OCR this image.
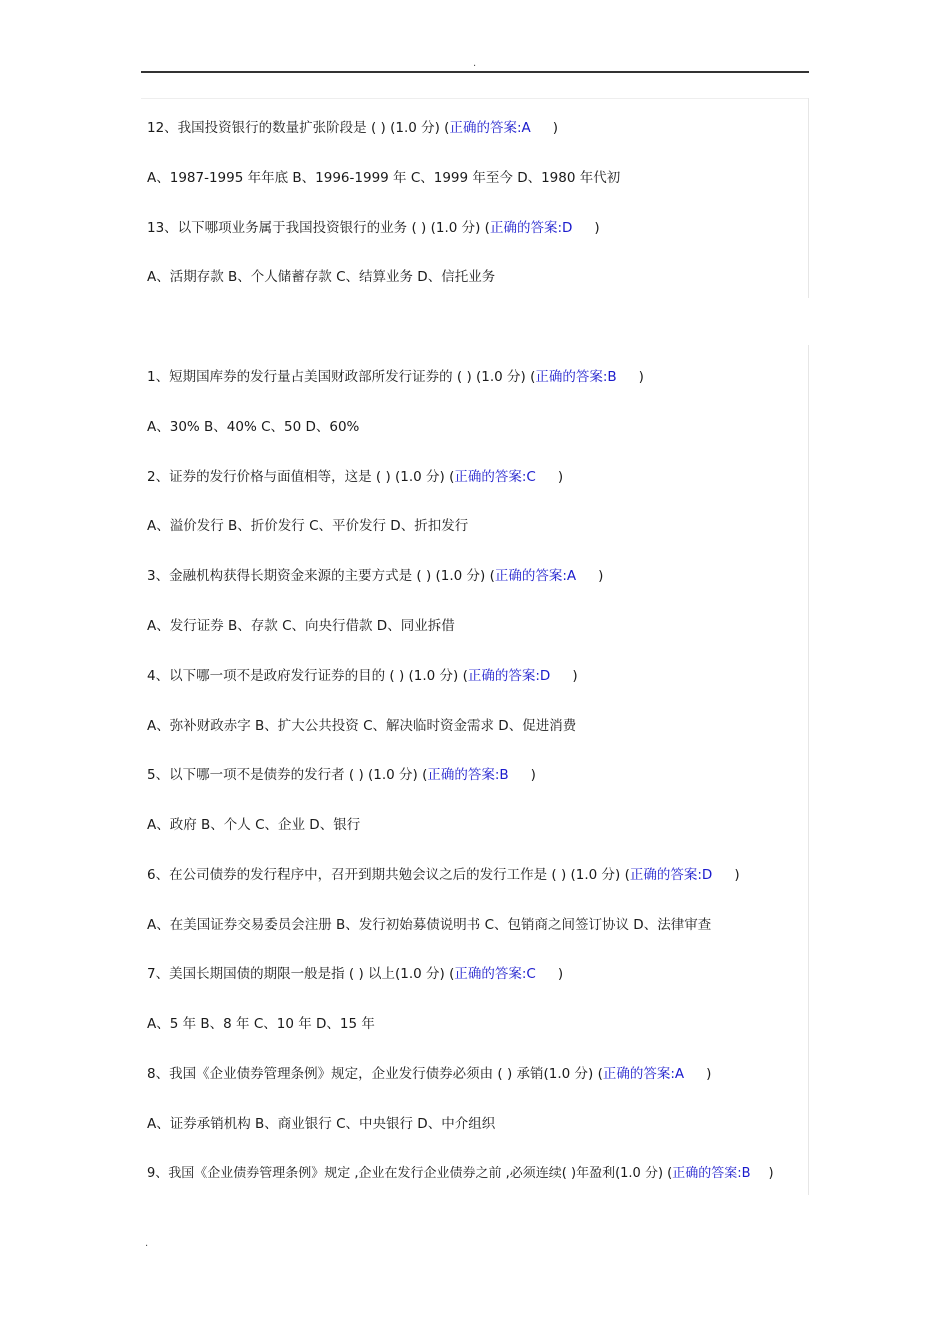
.
12、我国投资银行的数量扩张阶段是 ( ) (1.0 分) (正确的答案:A )
A、1987-1995 年年底 B、1996-1999 年 C、1999 年至今 D、1980 年代初
13、以下哪项业务属于我国投资银行的业务 ( ) (1.0 分) (正确的答案:D )
A、活期存款 B、个人储蓄存款 C、结算业务 D、信托业务
1、短期国库券的发行量占美国财政部所发行证券的 ( ) (1.0 分) (正确的答案:B )
A、30% B、40% C、50 D、60%
2、证券的发行价格与面值相等，这是 ( ) (1.0 分) (正确的答案:C )
A、溢价发行 B、折价发行 C、平价发行 D、折扣发行
3、金融机构获得长期资金来源的主要方式是 ( ) (1.0 分) (正确的答案:A )
A、发行证券 B、存款 C、向央行借款 D、同业拆借
4、以下哪一项不是政府发行证券的目的 ( ) (1.0 分) (正确的答案:D )
A、弥补财政赤字 B、扩大公共投资 C、解决临时资金需求 D、促进消费
5、以下哪一项不是债券的发行者 ( ) (1.0 分) (正确的答案:B )
A、政府 B、个人 C、企业 D、银行
6、在公司债券的发行程序中，召开到期共勉会议之后的发行工作是 ( ) (1.0 分) (正确的答案:D )
A、在美国证券交易委员会注册 B、发行初始募债说明书 C、包销商之间签订协议 D、法律审查
7、美国长期国债的期限一般是指 ( ) 以上(1.0 分) (正确的答案:C )
A、5 年 B、8 年 C、10 年 D、15 年
8、我国《企业债券管理条例》规定，企业发行债券必须由 ( ) 承销(1.0 分) (正确的答案:A )
A、证券承销机构 B、商业银行 C、中央银行 D、中介组织
9、我国《企业债券管理条例》规定 ,企业在发行企业债券之前 ,必须连续( )年盈利(1.0 分) (正确的答案:B )
.
